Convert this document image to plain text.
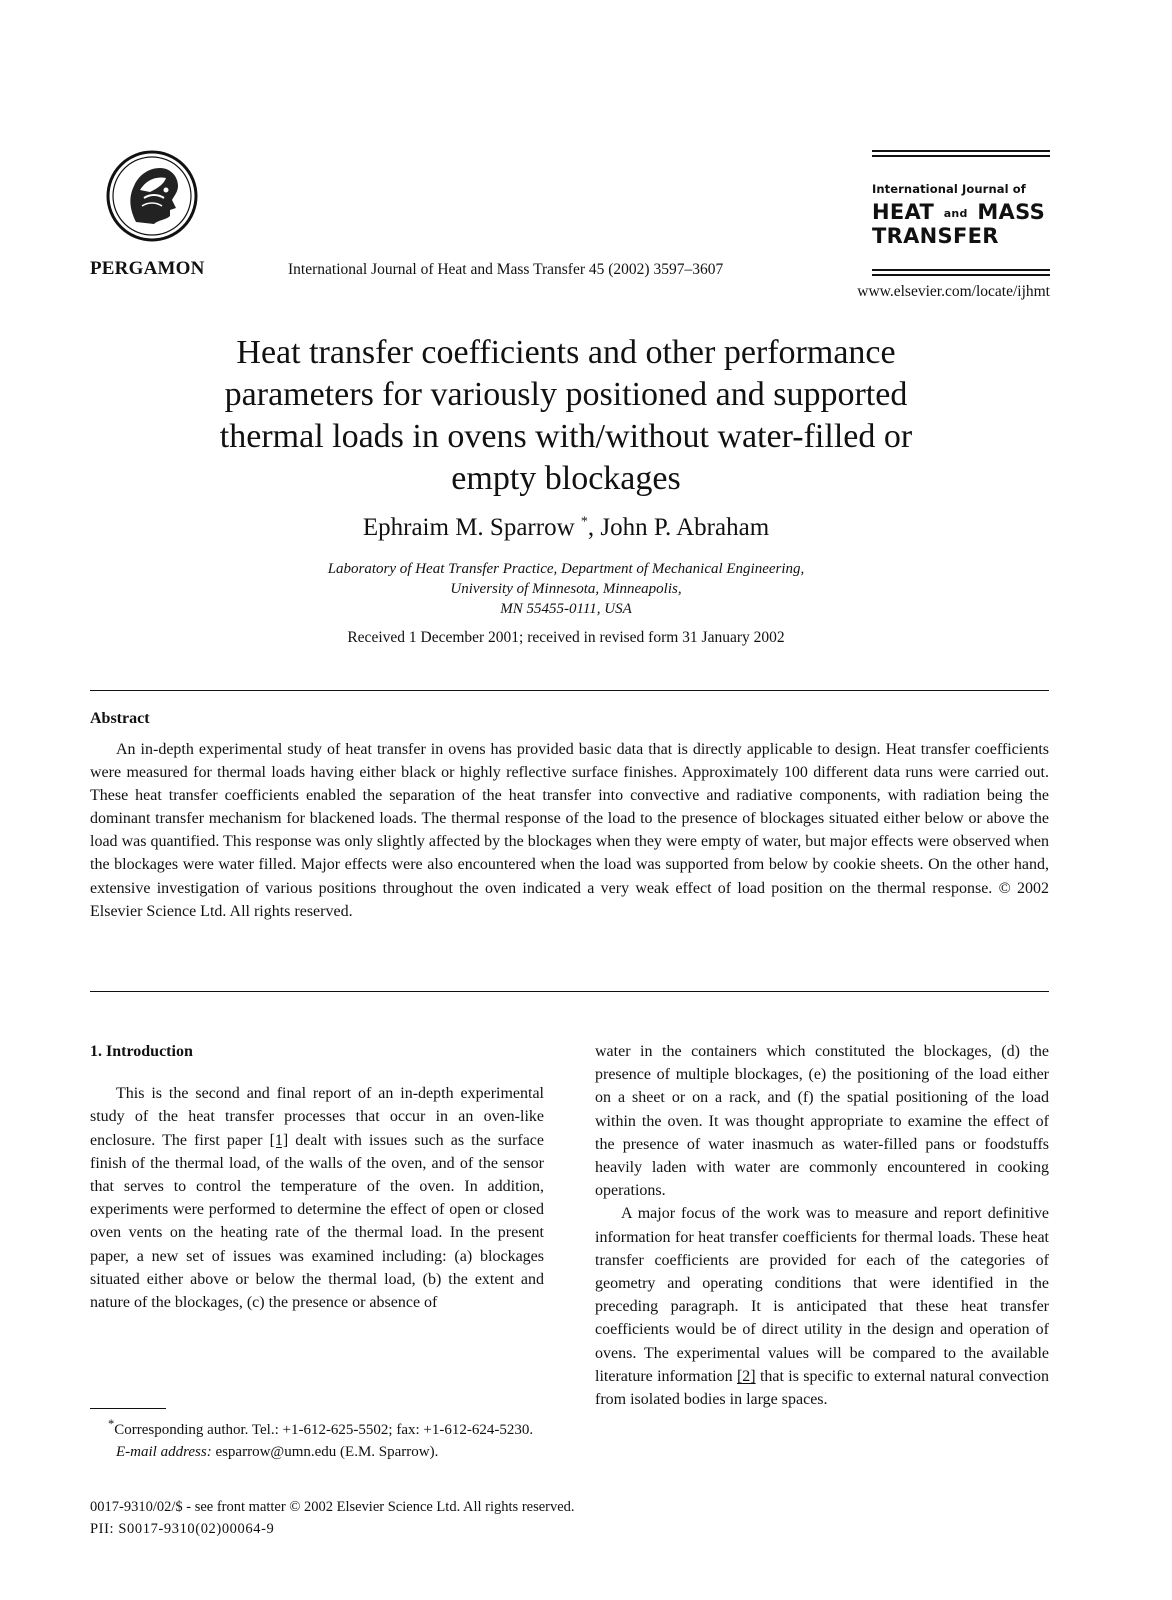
PERGAMON	International Journal of Heat and Mass Transfer 45 (2002) 3597–3607
International Journal of
HEAT and MASS
TRANSFER
www.elsevier.com/locate/ijhmt
Heat transfer coefficients and other performance
parameters for variously positioned and supported
thermal loads in ovens with/without water-filled or
empty blockages
Ephraim M. Sparrow *, John P. Abraham
Laboratory of Heat Transfer Practice, Department of Mechanical Engineering,
University of Minnesota, Minneapolis,
MN 55455-0111, USA
Received 1 December 2001; received in revised form 31 January 2002
Abstract

An in-depth experimental study of heat transfer in ovens has provided basic data that is directly applicable to design. Heat transfer coefficients were measured for thermal loads having either black or highly reflective surface finishes. Approximately 100 different data runs were carried out. These heat transfer coefficients enabled the separation of the heat transfer into convective and radiative components, with radiation being the dominant transfer mechanism for blackened loads. The thermal response of the load to the presence of blockages situated either below or above the load was quantified. This response was only slightly affected by the blockages when they were empty of water, but major effects were observed when the blockages were water filled. Major effects were also encountered when the load was supported from below by cookie sheets. On the other hand, extensive investigation of various positions throughout the oven indicated a very weak effect of load position on the thermal response. © 2002 Elsevier Science Ltd. All rights reserved.

1. Introduction

This is the second and final report of an in-depth experimental study of the heat transfer processes that occur in an oven-like enclosure. The first paper [1] dealt with issues such as the surface finish of the thermal load, of the walls of the oven, and of the sensor that serves to control the temperature of the oven. In addition, experiments were performed to determine the effect of open or closed oven vents on the heating rate of the thermal load. In the present paper, a new set of issues was examined including: (a) blockages situated either above or below the thermal load, (b) the extent and nature of the blockages, (c) the presence or absence of

water in the containers which constituted the blockages, (d) the presence of multiple blockages, (e) the positioning of the load either on a sheet or on a rack, and (f) the spatial positioning of the load within the oven. It was thought appropriate to examine the effect of the presence of water inasmuch as water-filled pans or foodstuffs heavily laden with water are commonly encountered in cooking operations.

A major focus of the work was to measure and report definitive information for heat transfer coefficients for thermal loads. These heat transfer coefficients are provided for each of the categories of geometry and operating conditions that were identified in the preceding paragraph. It is anticipated that these heat transfer coefficients would be of direct utility in the design and operation of ovens. The experimental values will be compared to the available literature information [2] that is specific to external natural convection from isolated bodies in large spaces.

*Corresponding author. Tel.: +1-612-625-5502; fax: +1-612-624-5230.

E-mail address: esparrow@umn.edu (E.M. Sparrow).

0017-9310/02/$ - see front matter © 2002 Elsevier Science Ltd. All rights reserved.

PII: S0017-9310(02)00064-9
